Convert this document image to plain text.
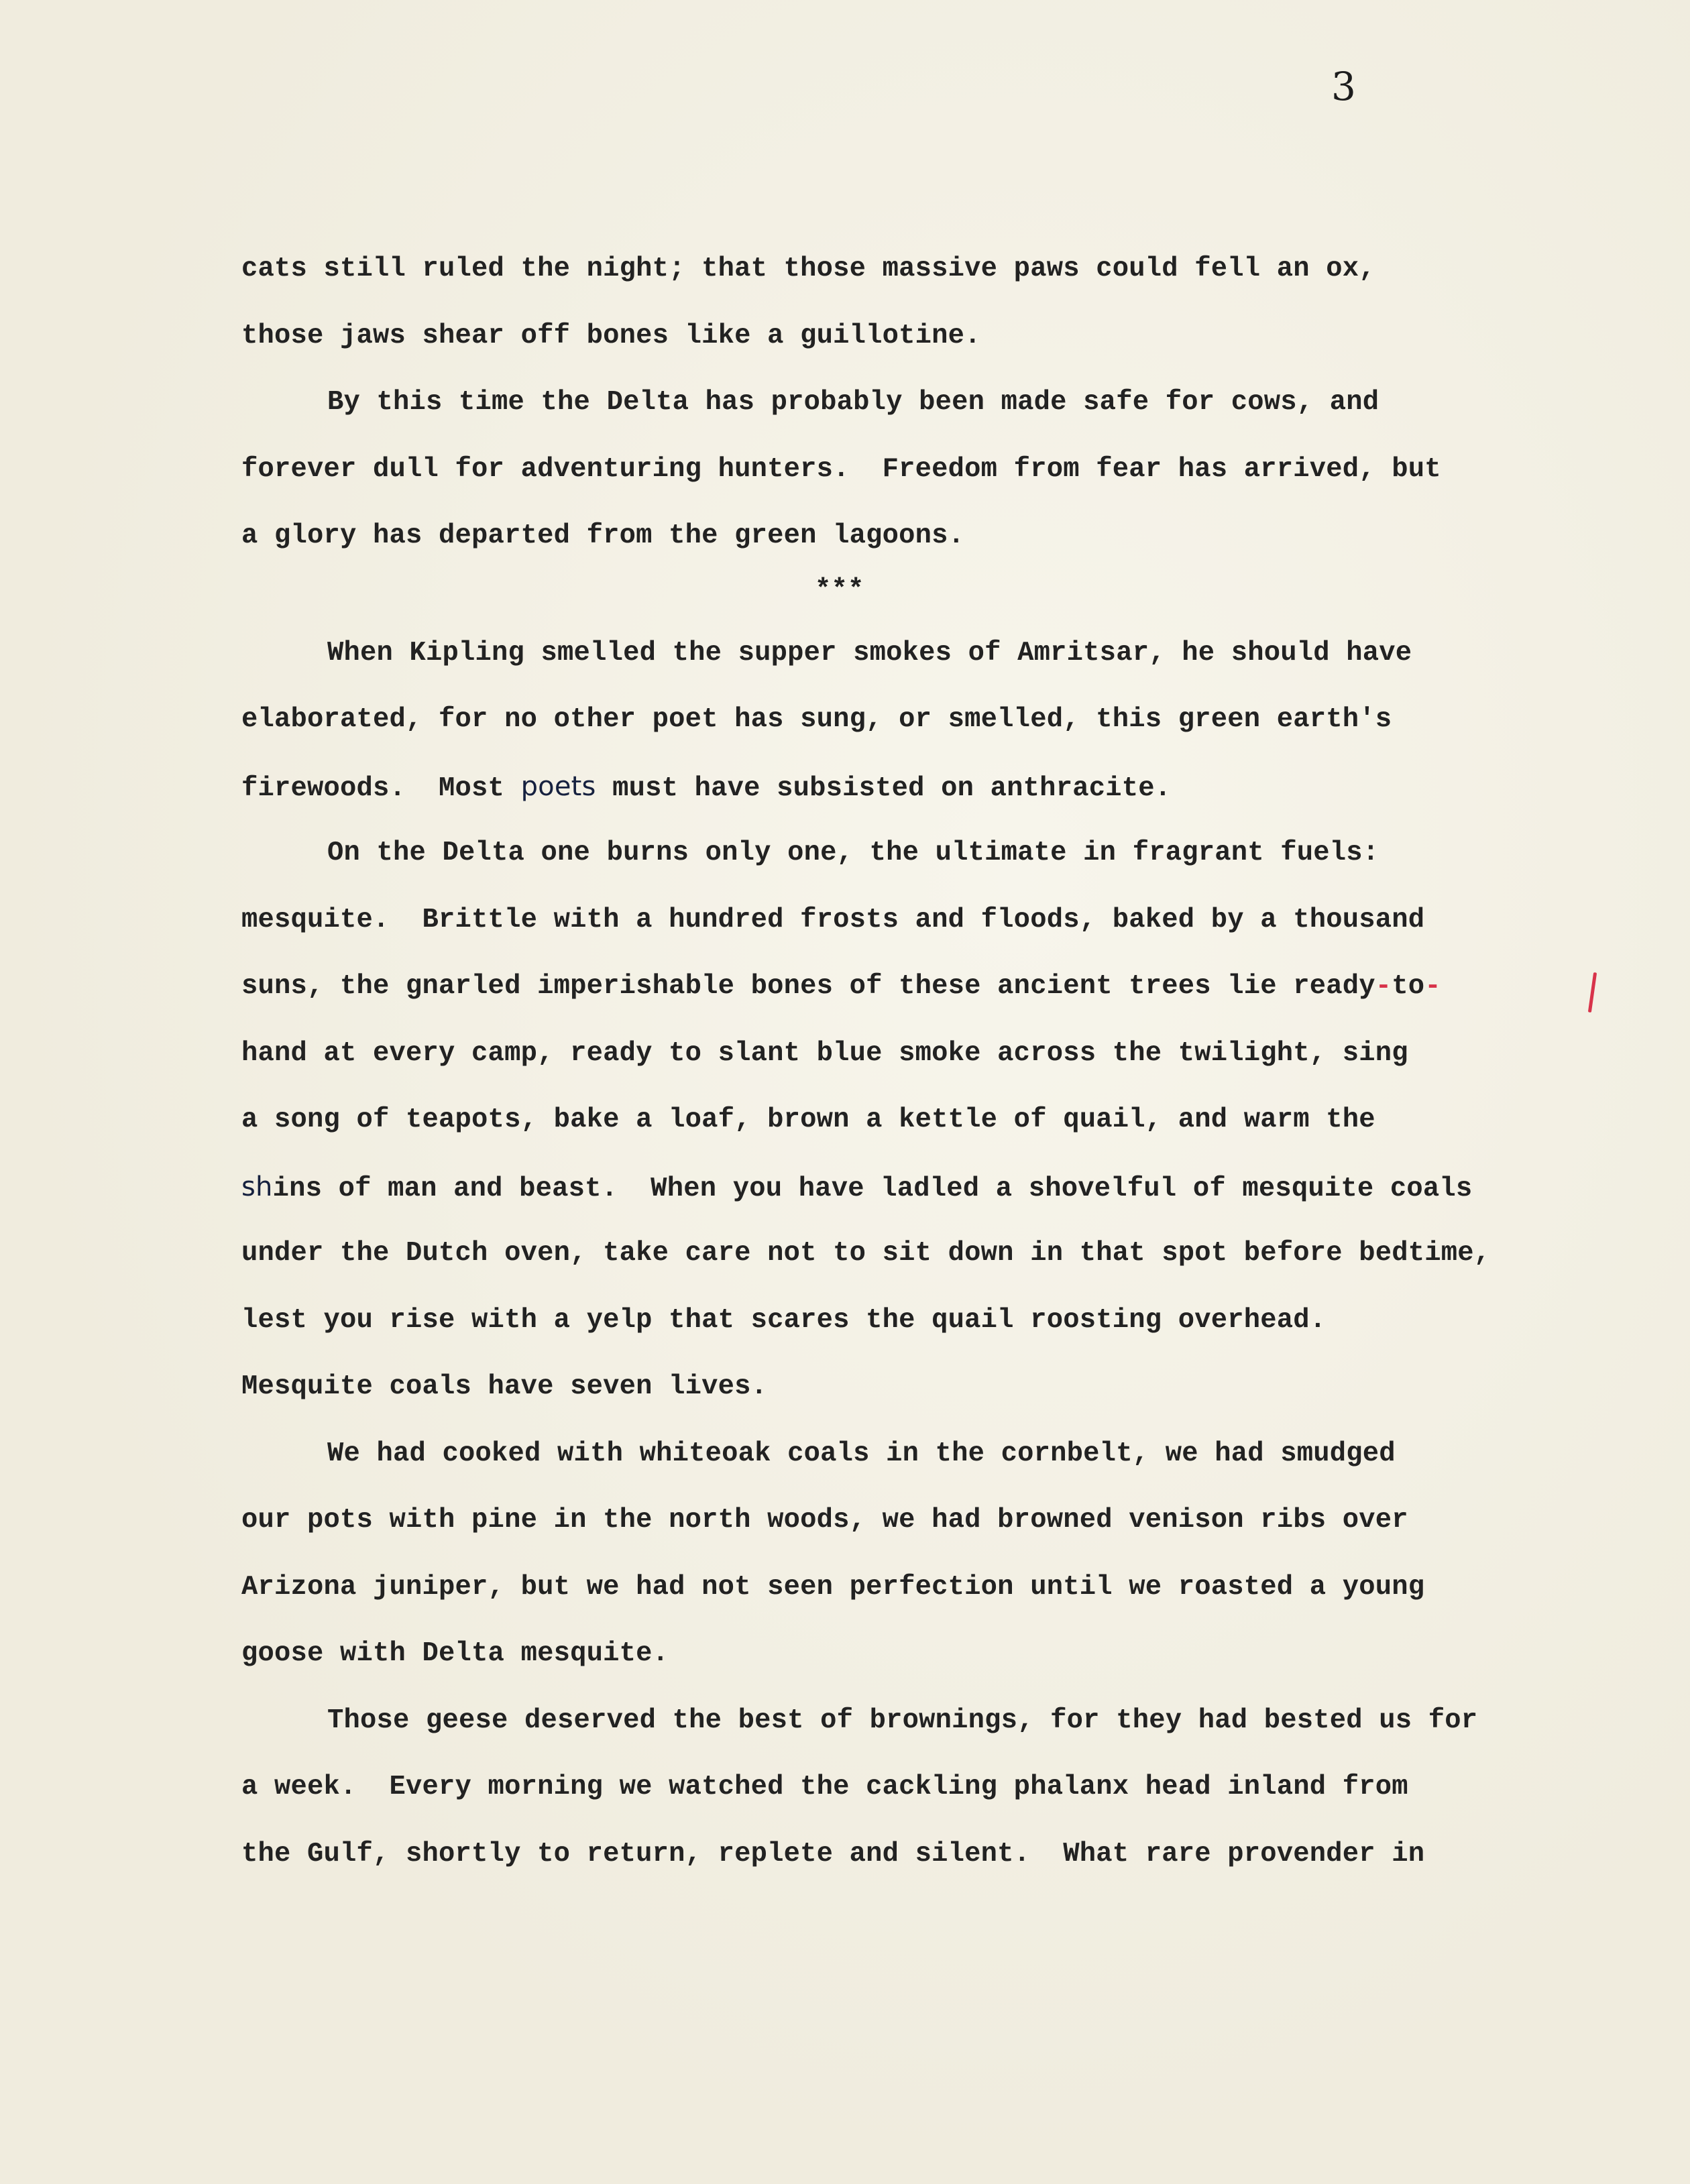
3
cats still ruled the night; that those massive paws could fell an ox,
those jaws shear off bones like a guillotine.
By this time the Delta has probably been made safe for cows, and
forever dull for adventuring hunters.  Freedom from fear has arrived, but
a glory has departed from the green lagoons.
***
When Kipling smelled the supper smokes of Amritsar, he should have
elaborated, for no other poet has sung, or smelled, this green earth's
firewoods.  Most poets must have subsisted on anthracite.
On the Delta one burns only one, the ultimate in fragrant fuels:
mesquite.  Brittle with a hundred frosts and floods, baked by a thousand
suns, the gnarled imperishable bones of these ancient trees lie ready-to-
hand at every camp, ready to slant blue smoke across the twilight, sing
a song of teapots, bake a loaf, brown a kettle of quail, and warm the
shins of man and beast.  When you have ladled a shovelful of mesquite coals
under the Dutch oven, take care not to sit down in that spot before bedtime,
lest you rise with a yelp that scares the quail roosting overhead.
Mesquite coals have seven lives.
We had cooked with whiteoak coals in the cornbelt, we had smudged
our pots with pine in the north woods, we had browned venison ribs over
Arizona juniper, but we had not seen perfection until we roasted a young
goose with Delta mesquite.
Those geese deserved the best of brownings, for they had bested us for
a week.  Every morning we watched the cackling phalanx head inland from
the Gulf, shortly to return, replete and silent.  What rare provender in
